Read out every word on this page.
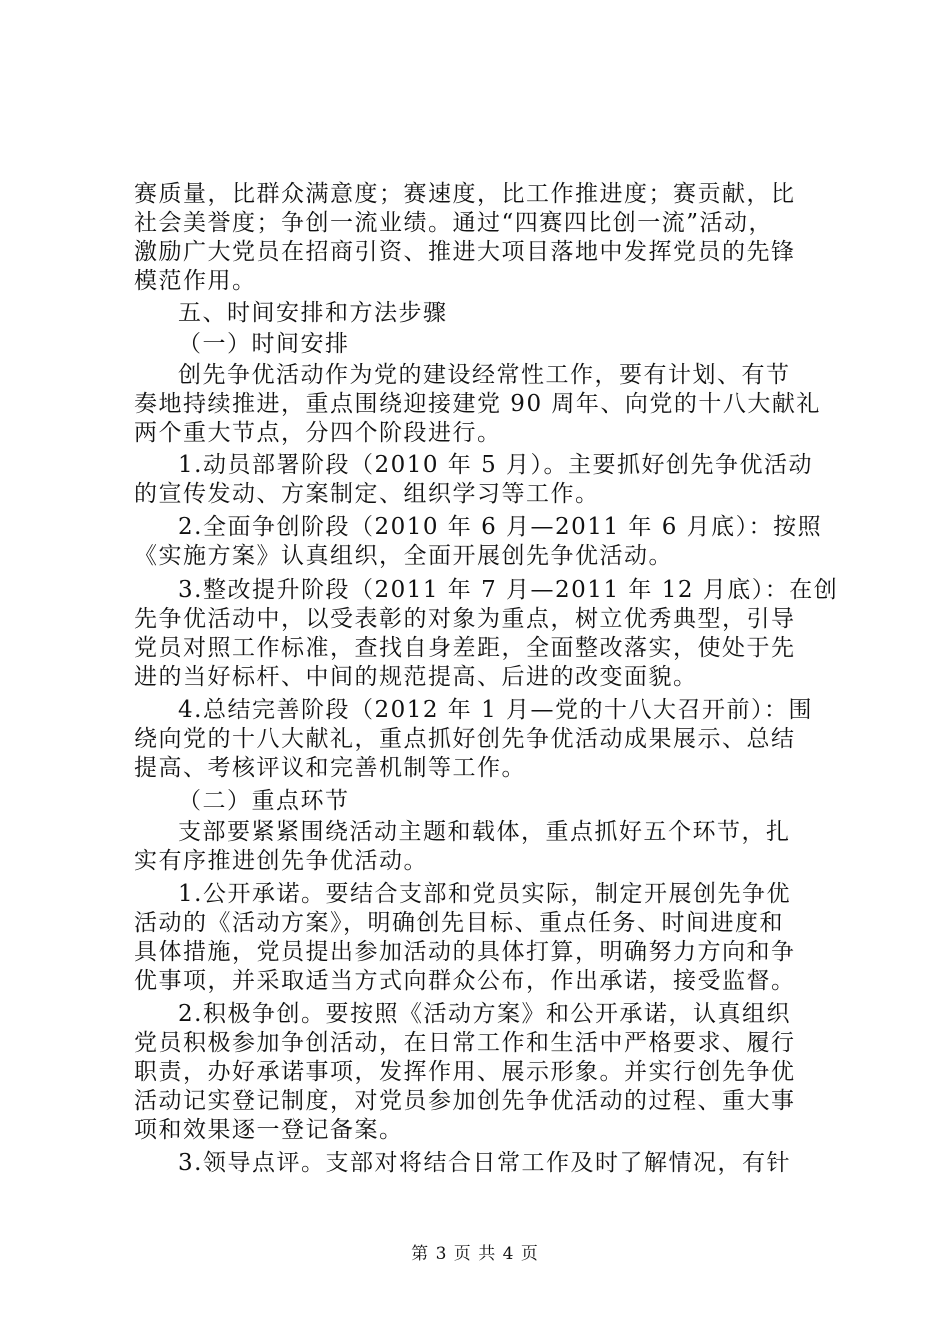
赛质量，比群众满意度；赛速度，比工作推进度；赛贡献，比
社会美誉度；争创一流业绩。通过“四赛四比创一流”活动，
激励广大党员在招商引资、推进大项目落地中发挥党员的先锋
模范作用。
五、时间安排和方法步骤
（一）时间安排
创先争优活动作为党的建设经常性工作，要有计划、有节
奏地持续推进，重点围绕迎接建党 90 周年、向党的十八大献礼
两个重大节点，分四个阶段进行。
1.动员部署阶段（2010 年 5 月）。主要抓好创先争优活动
的宣传发动、方案制定、组织学习等工作。
2.全面争创阶段（2010 年 6 月—2011 年 6 月底）：按照
《实施方案》认真组织，全面开展创先争优活动。
3.整改提升阶段（2011 年 7 月—2011 年 12 月底）：在创
先争优活动中，以受表彰的对象为重点，树立优秀典型，引导
党员对照工作标准，查找自身差距，全面整改落实，使处于先
进的当好标杆、中间的规范提高、后进的改变面貌。
4.总结完善阶段（2012 年 1 月—党的十八大召开前）：围
绕向党的十八大献礼，重点抓好创先争优活动成果展示、总结
提高、考核评议和完善机制等工作。
（二）重点环节
支部要紧紧围绕活动主题和载体，重点抓好五个环节，扎
实有序推进创先争优活动。
1.公开承诺。要结合支部和党员实际，制定开展创先争优
活动的《活动方案》，明确创先目标、重点任务、时间进度和
具体措施，党员提出参加活动的具体打算，明确努力方向和争
优事项，并采取适当方式向群众公布，作出承诺，接受监督。
2.积极争创。要按照《活动方案》和公开承诺，认真组织
党员积极参加争创活动，在日常工作和生活中严格要求、履行
职责，办好承诺事项，发挥作用、展示形象。并实行创先争优
活动记实登记制度，对党员参加创先争优活动的过程、重大事
项和效果逐一登记备案。
3.领导点评。支部对将结合日常工作及时了解情况，有针
第 3 页 共 4 页
